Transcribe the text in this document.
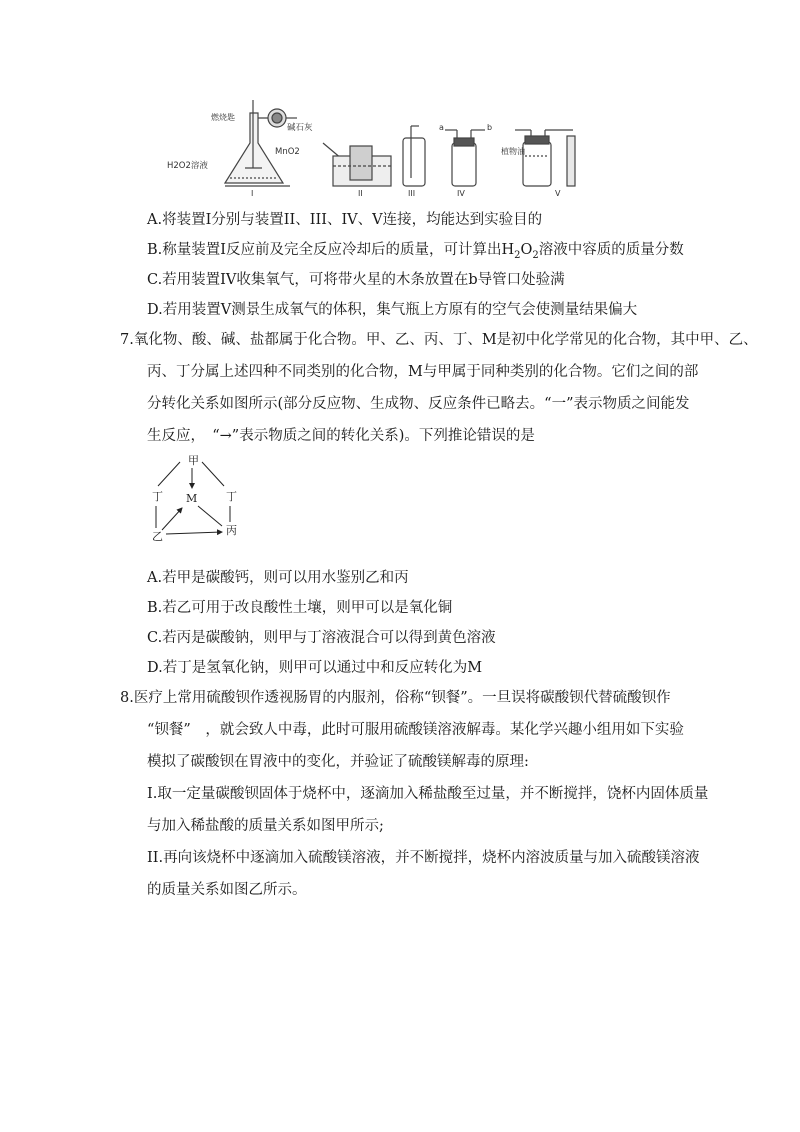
燃烧匙
碱石灰
MnO2
H2O2溶液
I	II	III
a	b
IV
植物油
V
A.将装置I分别与装置II、III、IV、V连接，均能达到实验目的
B.称量装置I反应前及完全反应冷却后的质量，可计算出$H_2O_2$溶液中容质的质量分数
C.若用装置IV收集氧气，可将带火星的木条放置在b导管口处验满
D.若用装置V测景生成氧气的体积，集气瓶上方原有的空气会使测量结果偏大
7.氧化物、酸、碱、盐都属于化合物。甲、乙、丙、丁、M是初中化学常见的化合物，其中甲、乙、
丙、丁分属上述四种不同类别的化合物，M与甲属于同种类别的化合物。它们之间的部
分转化关系如图所示(部分反应物、生成物、反应条件已略去。“一”表示物质之间能发
生反应，　“→”表示物质之间的转化关系)。下列推论错误的是
甲
丁	丁
M
乙	丙
A.若甲是碳酸钙，则可以用水鉴别乙和丙
B.若乙可用于改良酸性土壤，则甲可以是氧化铜
C.若丙是碳酸钠，则甲与丁溶液混合可以得到黄色溶液
D.若丁是氢氧化钠，则甲可以通过中和反应转化为M
8.医疗上常用硫酸钡作透视肠胃的内服剂，俗称“钡餐”。一旦误将碳酸钡代替硫酸钡作
“钡餐”　，就会致人中毒，此时可服用硫酸镁溶液解毒。某化学兴趣小组用如下实验
模拟了碳酸钡在胃液中的变化，并验证了硫酸镁解毒的原理:
I.取一定量碳酸钡固体于烧杯中，逐滴加入稀盐酸至过量，并不断搅拌，饶杯内固体质量
与加入稀盐酸的质量关系如图甲所示;
II.再向该烧杯中逐滴加入硫酸镁溶液，并不断搅拌，烧杯内溶波质量与加入硫酸镁溶液
的质量关系如图乙所示。
